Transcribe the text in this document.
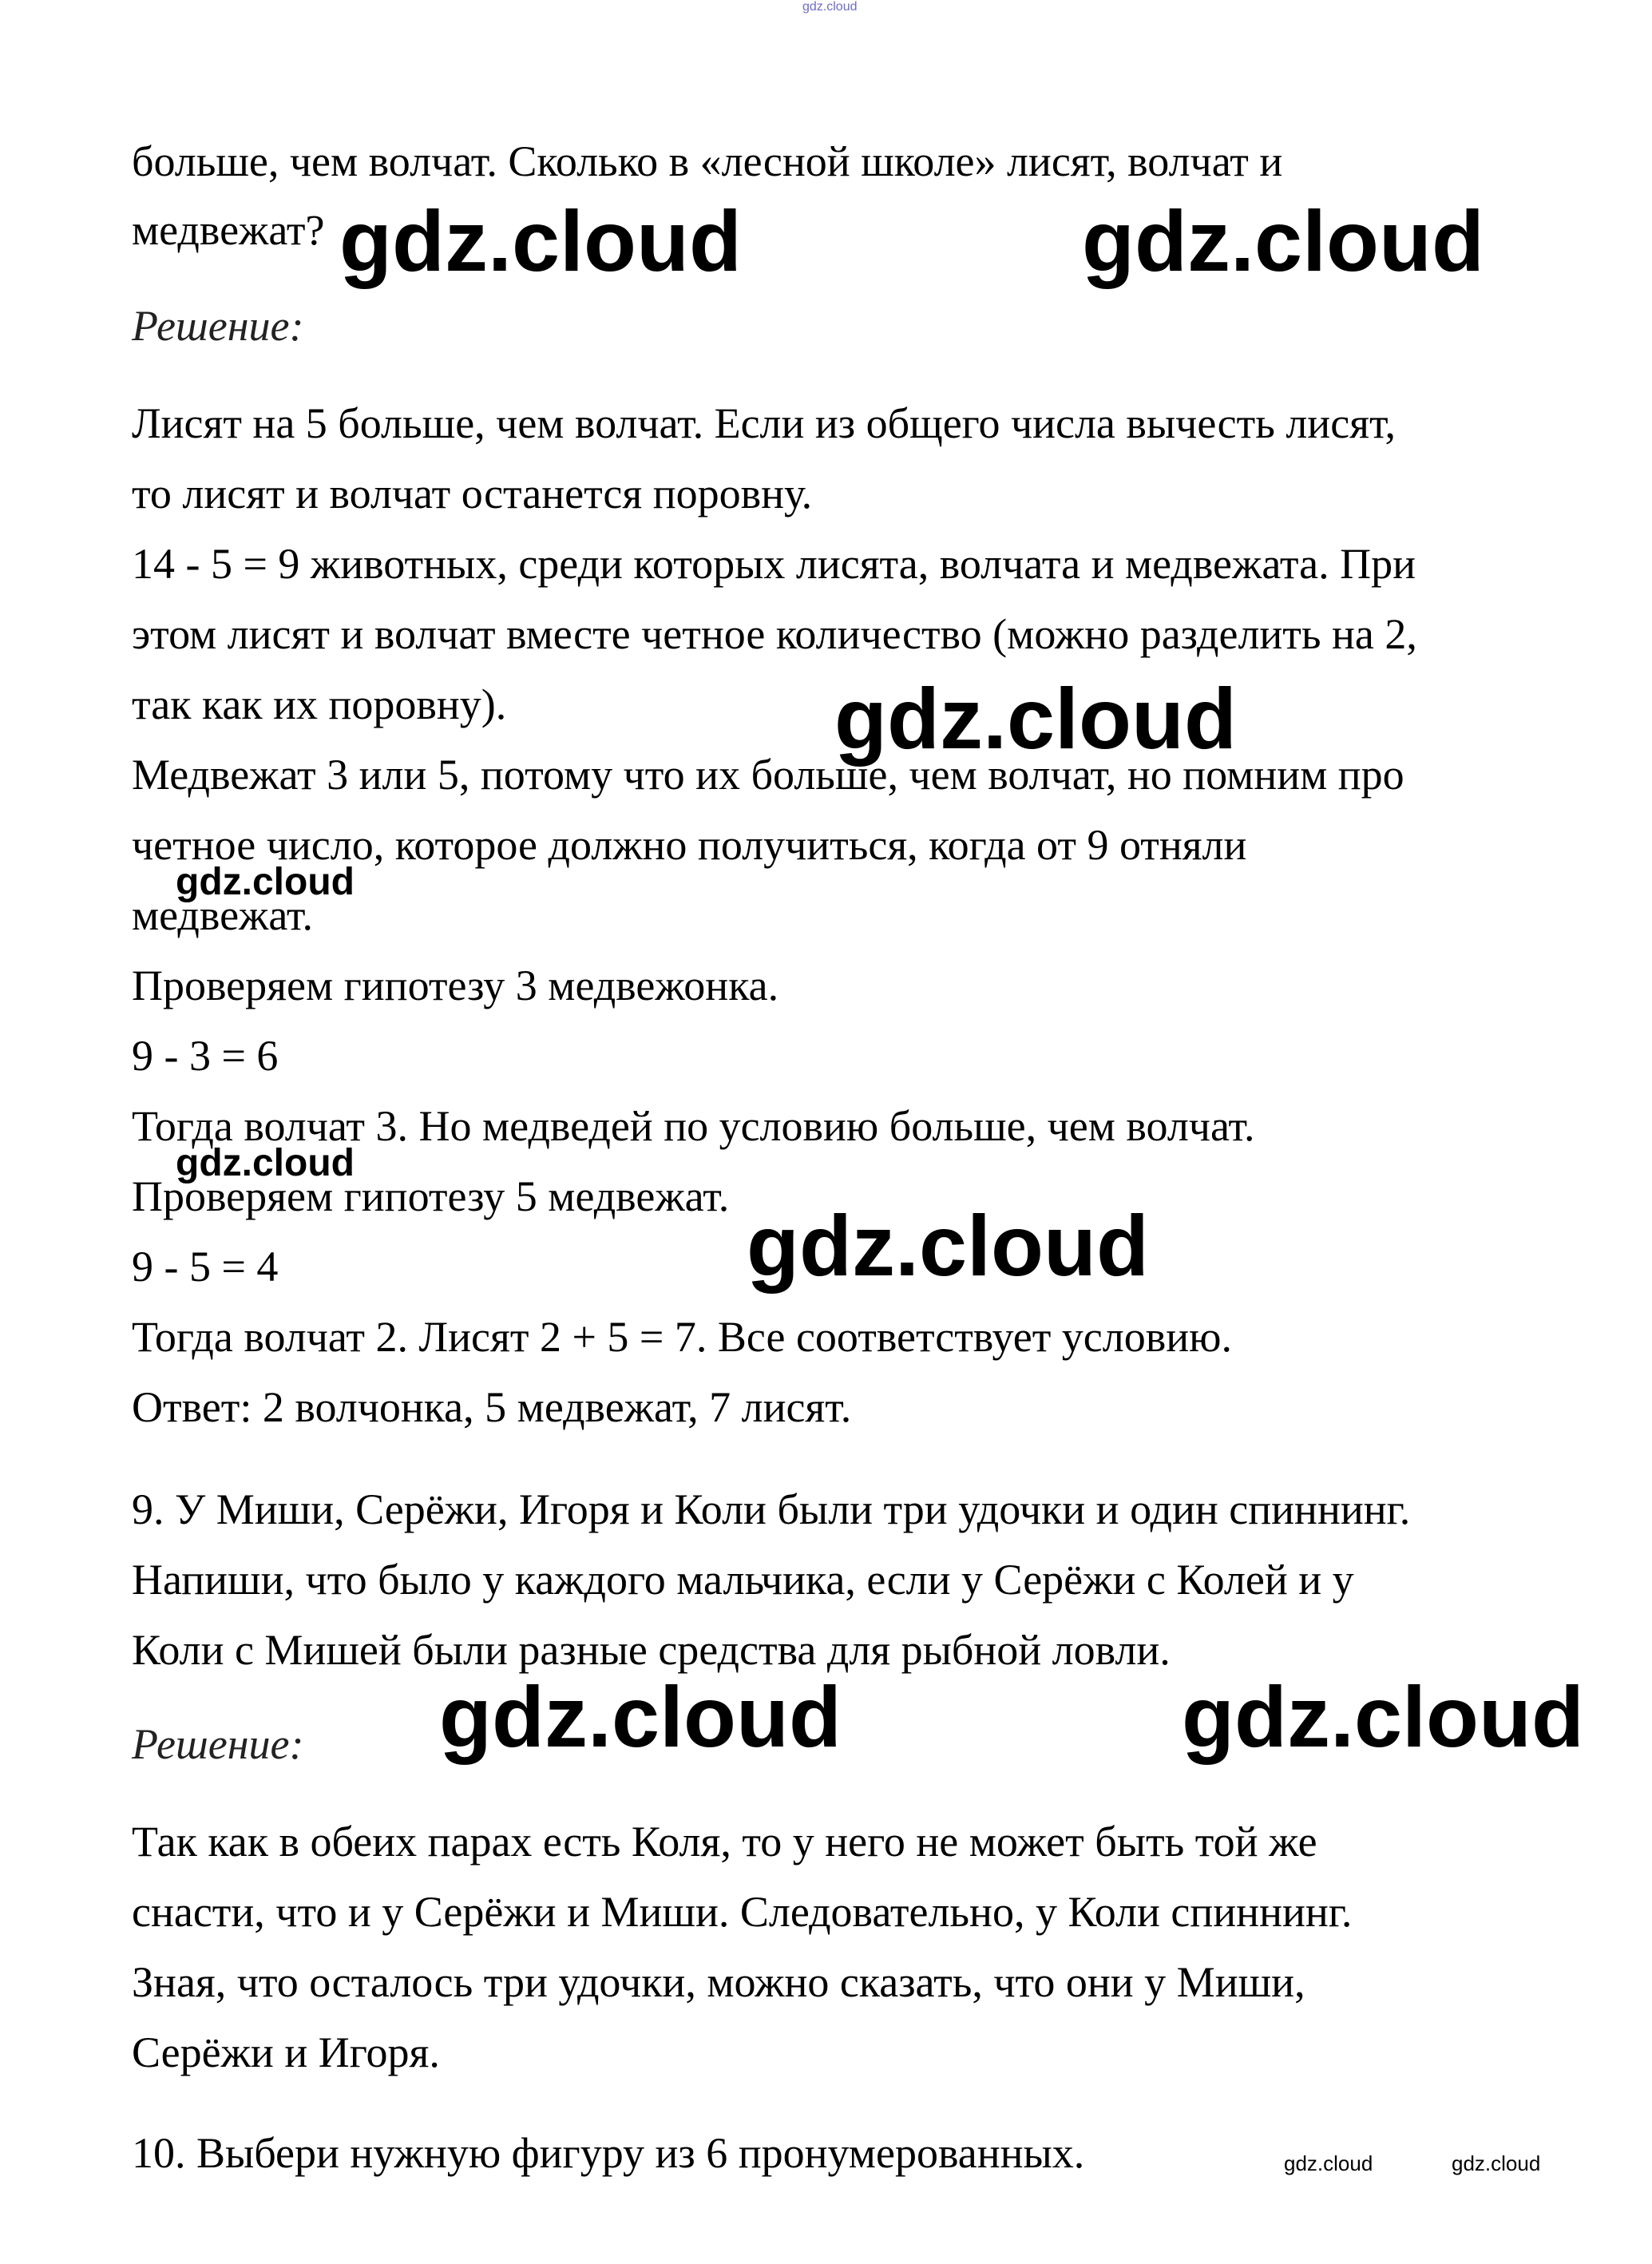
gdz.cloud
больше, чем волчат. Сколько в «лесной школе» лисят, волчат и
медвежат?
Решение:
Лисят на 5 больше, чем волчат. Если из общего числа вычесть лисят,
то лисят и волчат останется поровну.
14 - 5 = 9 животных, среди которых лисята, волчата и медвежата. При
этом лисят и волчат вместе четное количество (можно разделить на 2,
так как их поровну).
Медвежат 3 или 5, потому что их больше, чем волчат, но помним про
четное число, которое должно получиться, когда от 9 отняли
медвежат.
Проверяем гипотезу 3 медвежонка.
9 - 3 = 6
Тогда волчат 3. Но медведей по условию больше, чем волчат.
Проверяем гипотезу 5 медвежат.
9 - 5 = 4
Тогда волчат 2. Лисят 2 + 5 = 7. Все соответствует условию.
Ответ: 2 волчонка, 5 медвежат, 7 лисят.
9. У Миши, Серёжи, Игоря и Коли были три удочки и один спиннинг.
Напиши, что было у каждого мальчика, если у Серёжи с Колей и у
Коли с Мишей были разные средства для рыбной ловли.
Решение:
Так как в обеих парах есть Коля, то у него не может быть той же
снасти, что и у Серёжи и Миши. Следовательно, у Коли спиннинг.
Зная, что осталось три удочки, можно сказать, что они у Миши,
Серёжи и Игоря.
10. Выбери нужную фигуру из 6 пронумерованных.
gdz.cloud	gdz.cloud
gdz.cloud
gdz.cloud
gdz.cloud
gdz.cloud
gdz.cloud	gdz.cloud
gdz.cloud	gdz.cloud
